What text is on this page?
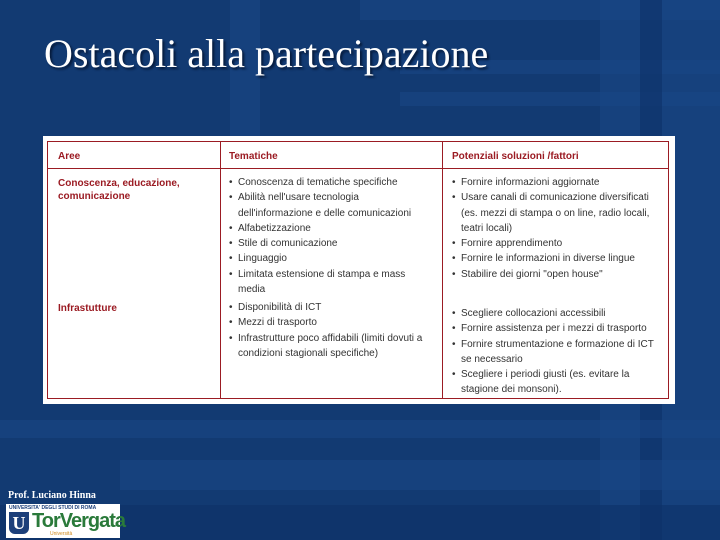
Ostacoli alla partecipazione
Aree	Tematiche	Potenziali soluzioni /fattori
Conoscenza, educazione, comunicazione
• Conoscenza di tematiche specifiche
• Abilità nell'usare tecnologia dell'informazione e delle comunicazioni
• Alfabetizzazione
• Stile di comunicazione
• Linguaggio
• Limitata estensione di stampa e mass media
• Fornire informazioni aggiornate
• Usare canali di comunicazione diversificati (es. mezzi di stampa o on line, radio locali, teatri locali)
• Fornire apprendimento
• Fornire le informazioni in diverse lingue
• Stabilire dei giorni "open house"
Infrastutture
•	Disponibilità di ICT
• Mezzi di trasporto
• Infrastrutture poco affidabili (limiti dovuti a condizioni stagionali specifiche)
• Scegliere collocazioni accessibili
• Fornire assistenza per i mezzi di trasporto
• Fornire strumentazione e formazione di ICT se necessario
• Scegliere i periodi giusti (es. evitare la stagione dei monsoni).
Prof. Luciano Hinna
UNIVERSITA' DEGLI STUDI DI ROMA
U TorVergata
Università
